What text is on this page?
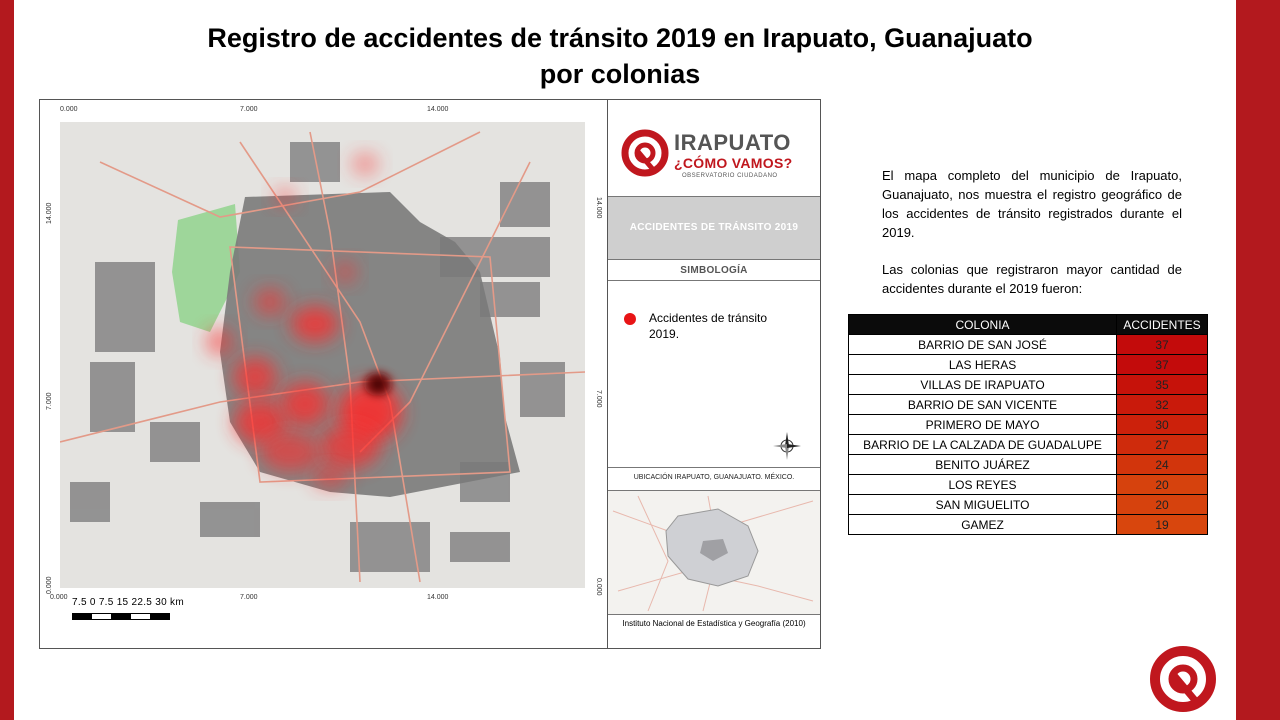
Registro de accidentes de tránsito 2019 en Irapuato, Guanajuato
por colonias
0.000	7.000	14.000
0.000	7.000	14.000
14.000
7.000
0.000
14.000
7.000
0.000
7.5 0 7.5 15 22.5 30 km
IRAPUATO
¿CÓMO VAMOS?
OBSERVATORIO CIUDADANO
ACCIDENTES DE TRÁNSITO 2019
SIMBOLOGÍA
Accidentes de tránsito 2019.
UBICACIÓN IRAPUATO, GUANAJUATO. MÉXICO.
Instituto Nacional de Estadística y Geografía (2010)

El mapa completo del municipio de Irapuato, Guanajuato, nos muestra el registro geográfico de los accidentes de tránsito registrados durante el 2019.

Las colonias que registraron mayor cantidad de accidentes durante el 2019 fueron:

COLONIA	ACCIDENTES
BARRIO DE SAN JOSÉ	37
LAS HERAS	37
VILLAS DE IRAPUATO	35
BARRIO DE SAN VICENTE	32
PRIMERO DE MAYO	30
BARRIO DE LA CALZADA DE GUADALUPE	27
BENITO JUÁREZ	24
LOS REYES	20
SAN MIGUELITO	20
GAMEZ	19
